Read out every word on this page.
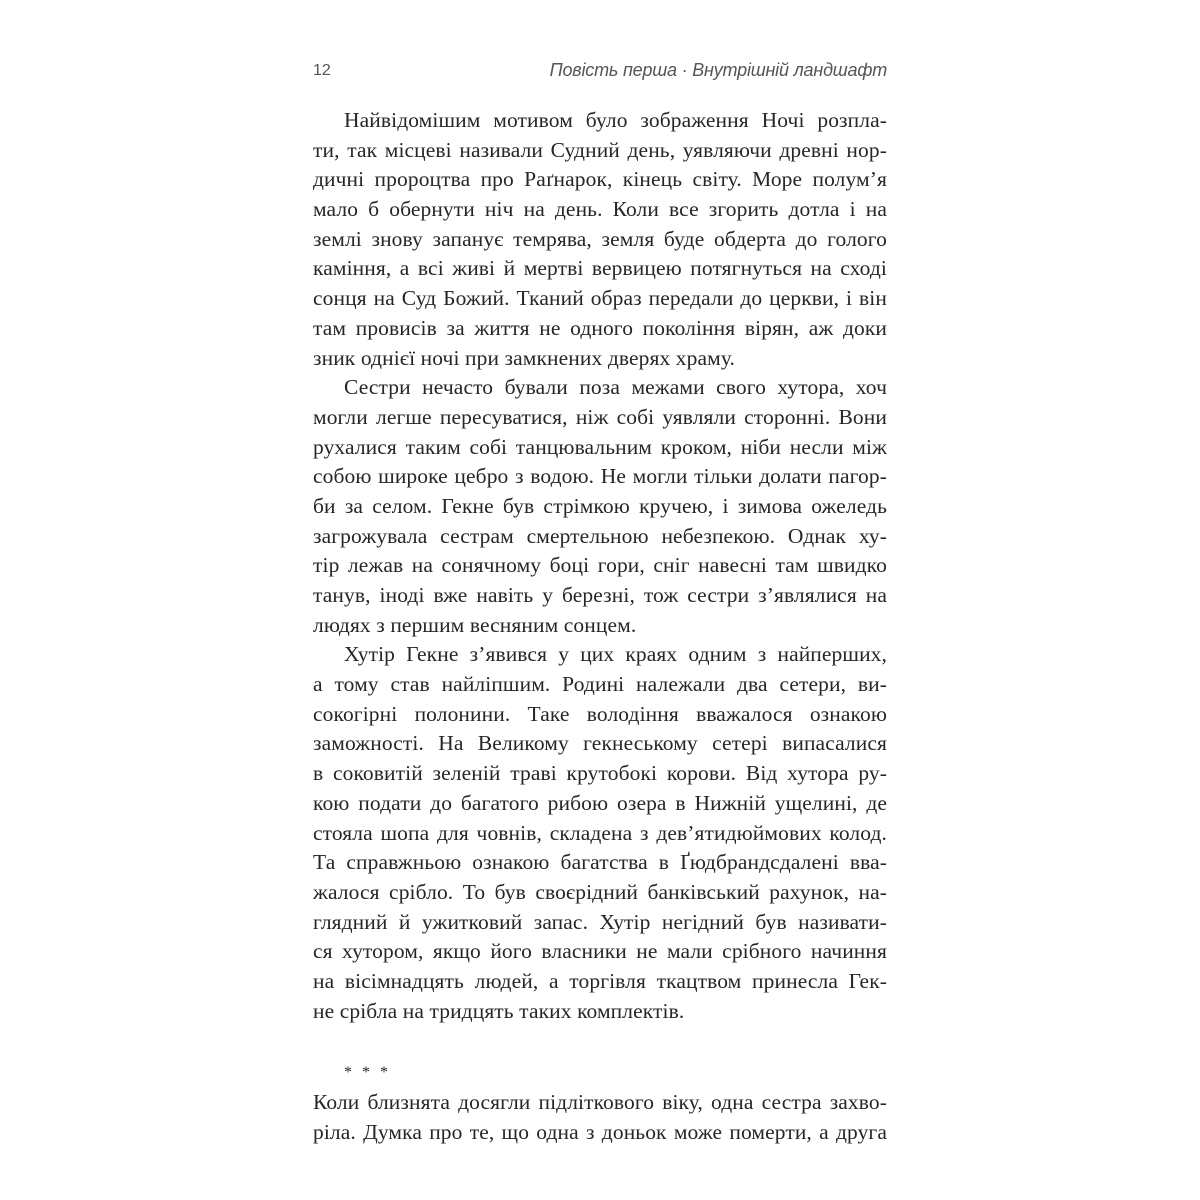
12	Повість перша · Внутрішній ландшафт
Найвідомішим мотивом було зображення Ночі розпла-
ти, так місцеві називали Судний день, уявляючи древні нор-
дичні пророцтва про Раґнарок, кінець світу. Море полум’я
мало б обернути ніч на день. Коли все згорить дотла і на
землі знову запанує темрява, земля буде обдерта до голого
каміння, а всі живі й мертві вервицею потягнуться на сході
сонця на Суд Божий. Тканий образ передали до церкви, і він
там провисів за життя не одного покоління вірян, аж доки
зник однієї ночі при замкнених дверях храму.
Сестри нечасто бували поза межами свого хутора, хоч
могли легше пересуватися, ніж собі уявляли сторонні. Вони
рухалися таким собі танцювальним кроком, ніби несли між
собою широке цебро з водою. Не могли тільки долати пагор-
би за селом. Гекне був стрімкою кручею, і зимова ожеледь
загрожувала сестрам смертельною небезпекою. Однак ху-
тір лежав на сонячному боці гори, сніг навесні там швидко
танув, іноді вже навіть у березні, тож сестри з’являлися на
людях з першим весняним сонцем.
Хутір Гекне з’явився у цих краях одним з найперших,
а тому став найліпшим. Родині належали два сетери, ви-
сокогірні полонини. Таке володіння вважалося ознакою
заможності. На Великому гекнеському сетері випасалися
в соковитій зеленій траві крутобокі корови. Від хутора ру-
кою подати до багатого рибою озера в Нижній ущелині, де
стояла шопа для човнів, складена з дев’ятидюймових колод.
Та справжньою ознакою багатства в Ґюдбрандсдалені вва-
жалося срібло. То був своєрідний банківський рахунок, на-
глядний й ужитковий запас. Хутір негідний був називати-
ся хутором, якщо його власники не мали срібного начиння
на вісімнадцять людей, а торгівля ткацтвом принесла Гек-
не срібла на тридцять таких комплектів.
* * *
Коли близнята досягли підліткового віку, одна сестра захво-
ріла. Думка про те, що одна з доньок може померти, а друга
